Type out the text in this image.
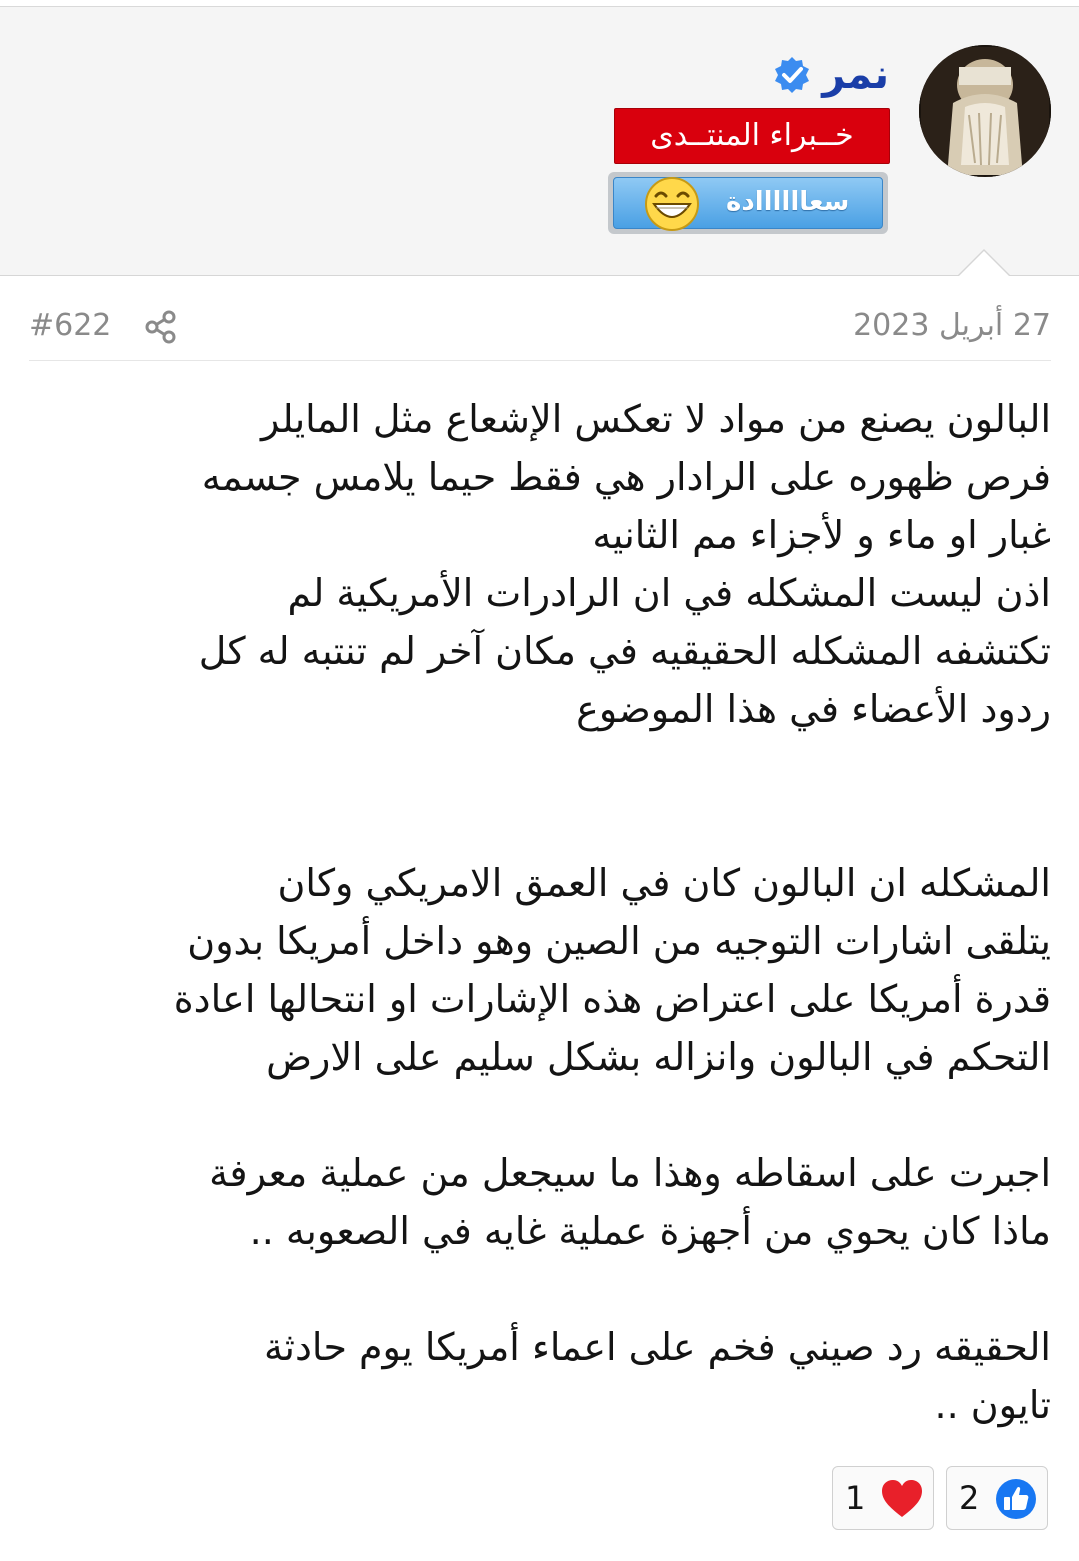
نمر
خــبراء المنتــدى
سعاااااادة
#622	27 أبريل 2023

البالون يصنع من مواد لا تعكس الإشعاع مثل المايلر
فرص ظهوره على الرادار هي فقط حيما يلامس جسمه
غبار او ماء و لأجزاء مم الثانيه
اذن ليست المشكله في ان الرادرات الأمريكية لم
تكتشفه المشكله الحقيقيه في مكان آخر لم تنتبه له كل
ردود الأعضاء في هذا الموضوع

المشكله ان البالون كان في العمق الامريكي وكان
يتلقى اشارات التوجيه من الصين وهو داخل أمريكا بدون
قدرة أمريكا على اعتراض هذه الإشارات او انتحالها اعادة
التحكم في البالون وانزاله بشكل سليم على الارض

اجبرت على اسقاطه وهذا ما سيجعل من عملية معرفة
ماذا كان يحوي من أجهزة عملية غايه في الصعوبه ..

الحقيقه رد صيني فخم على اعماء أمريكا يوم حادثة
تايون ..

1	2
